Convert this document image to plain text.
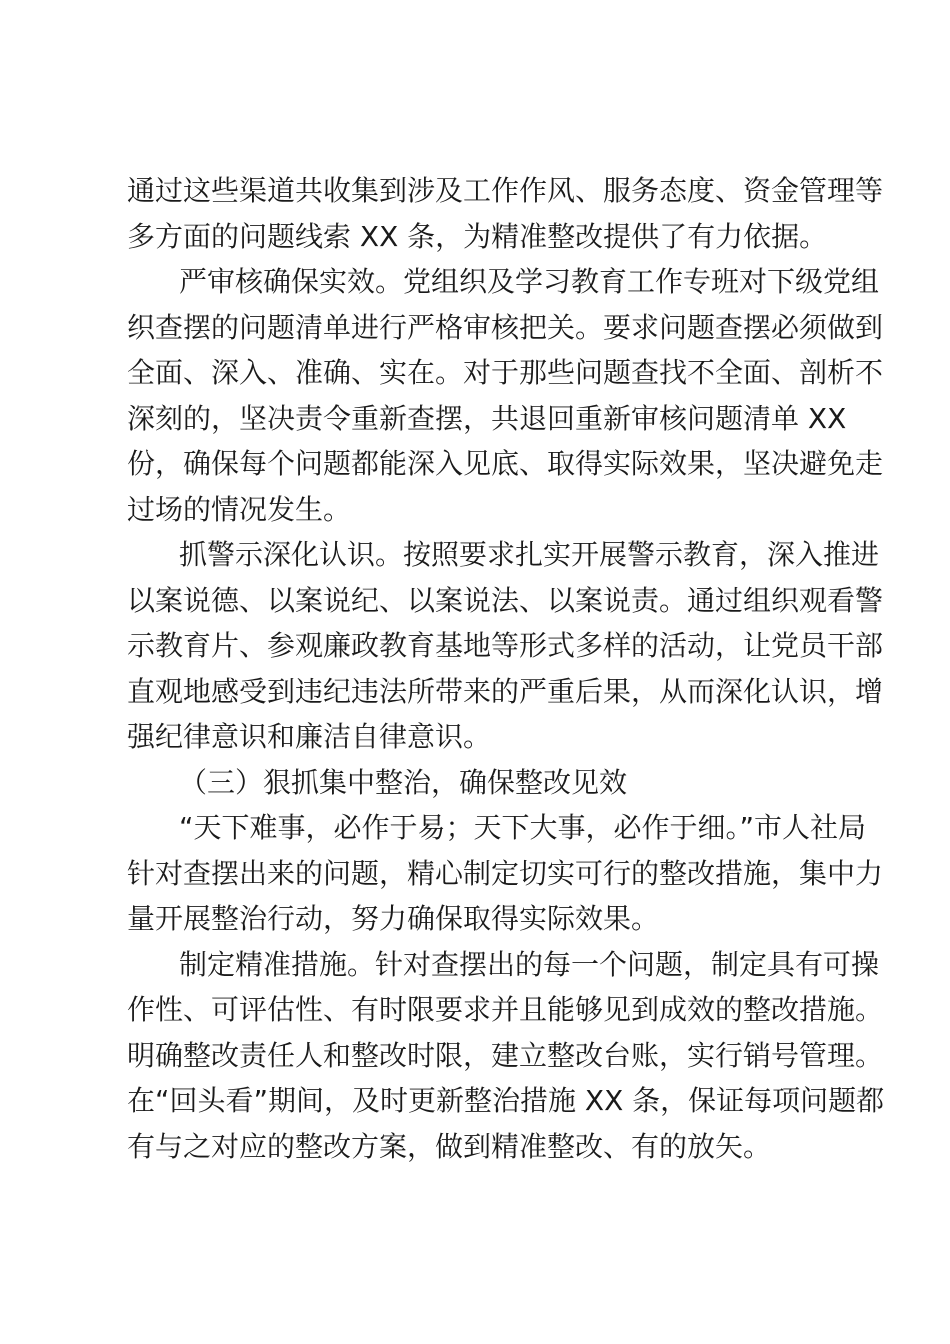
通过这些渠道共收集到涉及工作作风、服务态度、资金管理等
多方面的问题线索 XX 条，为精准整改提供了有力依据。
严审核确保实效。党组织及学习教育工作专班对下级党组
织查摆的问题清单进行严格审核把关。要求问题查摆必须做到
全面、深入、准确、实在。对于那些问题查找不全面、剖析不
深刻的，坚决责令重新查摆，共退回重新审核问题清单 XX
份，确保每个问题都能深入见底、取得实际效果，坚决避免走
过场的情况发生。
抓警示深化认识。按照要求扎实开展警示教育，深入推进
以案说德、以案说纪、以案说法、以案说责。通过组织观看警
示教育片、参观廉政教育基地等形式多样的活动，让党员干部
直观地感受到违纪违法所带来的严重后果，从而深化认识，增
强纪律意识和廉洁自律意识。
（三）狠抓集中整治，确保整改见效
“天下难事，必作于易；天下大事，必作于细。”市人社局
针对查摆出来的问题，精心制定切实可行的整改措施，集中力
量开展整治行动，努力确保取得实际效果。
制定精准措施。针对查摆出的每一个问题，制定具有可操
作性、可评估性、有时限要求并且能够见到成效的整改措施。
明确整改责任人和整改时限，建立整改台账，实行销号管理。
在“回头看”期间，及时更新整治措施 XX 条，保证每项问题都
有与之对应的整改方案，做到精准整改、有的放矢。
